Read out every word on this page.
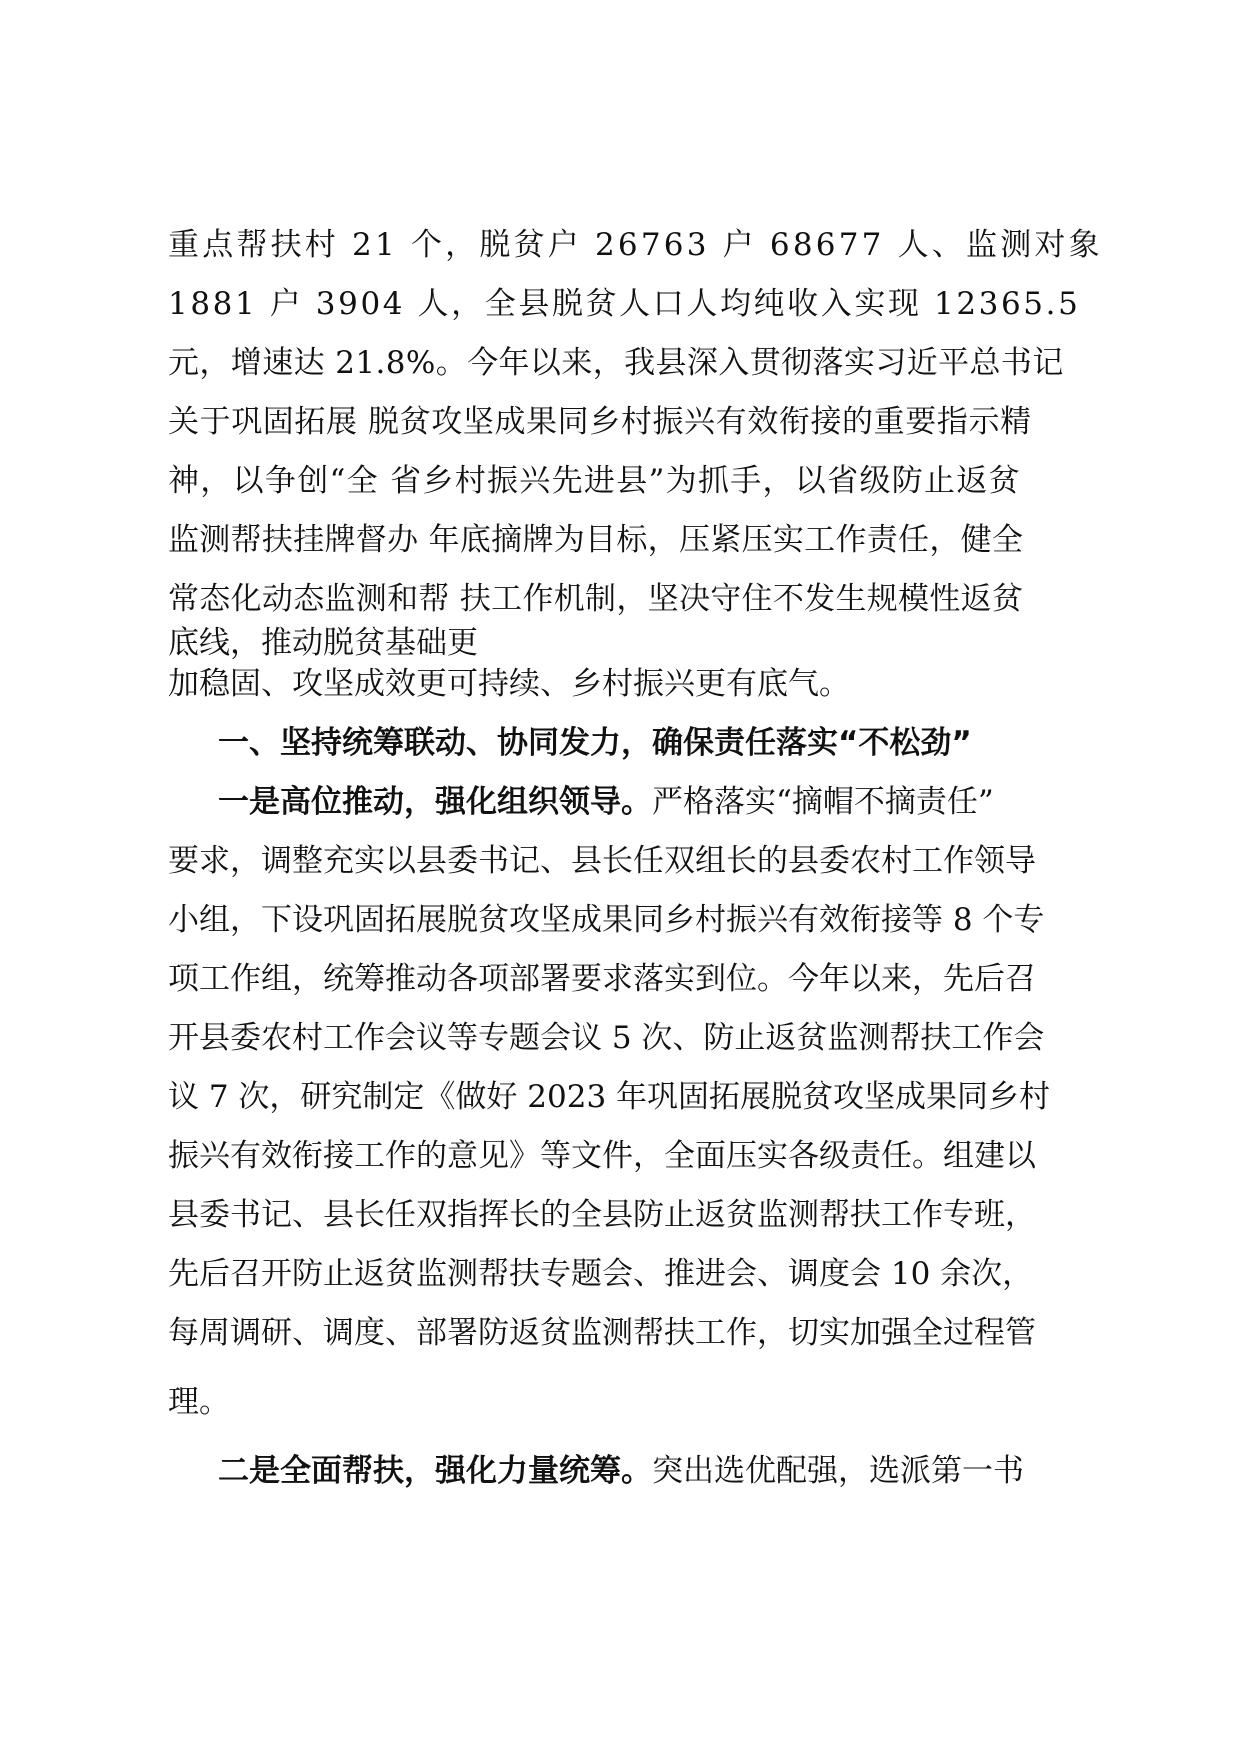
重点帮扶村 21 个，脱贫户 26763 户 68677 人、监测对象
1881 户 3904 人，全县脱贫人口人均纯收入实现 12365.5
元，增速达 21.8%。今年以来，我县深入贯彻落实习近平总书记
关于巩固拓展 脱贫攻坚成果同乡村振兴有效衔接的重要指示精
神，以争创“全 省乡村振兴先进县”为抓手，以省级防止返贫
监测帮扶挂牌督办 年底摘牌为目标，压紧压实工作责任，健全
常态化动态监测和帮 扶工作机制，坚决守住不发生规模性返贫
底线，推动脱贫基础更
加稳固、攻坚成效更可持续、乡村振兴更有底气。
一、坚持统筹联动、协同发力，确保责任落实“不松劲”
一是高位推动，强化组织领导。严格落实“摘帽不摘责任”
要求，调整充实以县委书记、县长任双组长的县委农村工作领导
小组，下设巩固拓展脱贫攻坚成果同乡村振兴有效衔接等 8 个专
项工作组，统筹推动各项部署要求落实到位。今年以来，先后召
开县委农村工作会议等专题会议 5 次、防止返贫监测帮扶工作会
议 7 次，研究制定《做好 2023 年巩固拓展脱贫攻坚成果同乡村
振兴有效衔接工作的意见》等文件，全面压实各级责任。组建以
县委书记、县长任双指挥长的全县防止返贫监测帮扶工作专班，
先后召开防止返贫监测帮扶专题会、推进会、调度会 10 余次，
每周调研、调度、部署防返贫监测帮扶工作，切实加强全过程管
理。
二是全面帮扶，强化力量统筹。突出选优配强，选派第一书
